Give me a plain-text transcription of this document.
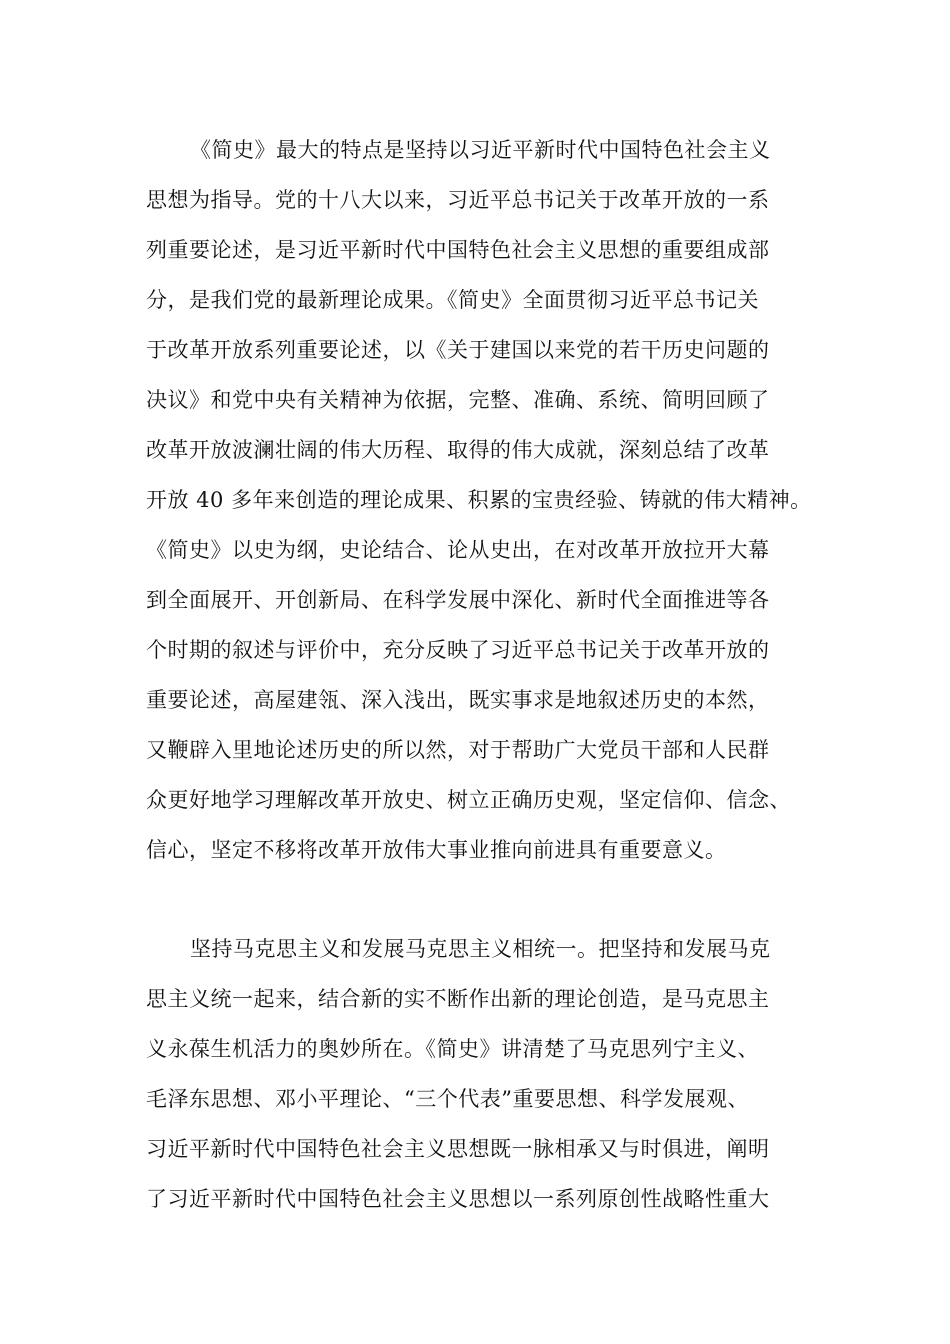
《简史》最大的特点是坚持以习近平新时代中国特色社会主义
思想为指导。党的十八大以来，习近平总书记关于改革开放的一系
列重要论述，是习近平新时代中国特色社会主义思想的重要组成部
分，是我们党的最新理论成果。《简史》全面贯彻习近平总书记关
于改革开放系列重要论述，以《关于建国以来党的若干历史问题的
决议》和党中央有关精神为依据，完整、准确、系统、简明回顾了
改革开放波澜壮阔的伟大历程、取得的伟大成就，深刻总结了改革
开放 40 多年来创造的理论成果、积累的宝贵经验、铸就的伟大精神。
《简史》以史为纲，史论结合、论从史出，在对改革开放拉开大幕
到全面展开、开创新局、在科学发展中深化、新时代全面推进等各
个时期的叙述与评价中，充分反映了习近平总书记关于改革开放的
重要论述，高屋建瓴、深入浅出，既实事求是地叙述历史的本然，
又鞭辟入里地论述历史的所以然，对于帮助广大党员干部和人民群
众更好地学习理解改革开放史、树立正确历史观，坚定信仰、信念、
信心，坚定不移将改革开放伟大事业推向前进具有重要意义。
坚持马克思主义和发展马克思主义相统一。把坚持和发展马克
思主义统一起来，结合新的实不断作出新的理论创造，是马克思主
义永葆生机活力的奥妙所在。《简史》讲清楚了马克思列宁主义、
毛泽东思想、邓小平理论、“三个代表”重要思想、科学发展观、
习近平新时代中国特色社会主义思想既一脉相承又与时俱进，阐明
了习近平新时代中国特色社会主义思想以一系列原创性战略性重大
